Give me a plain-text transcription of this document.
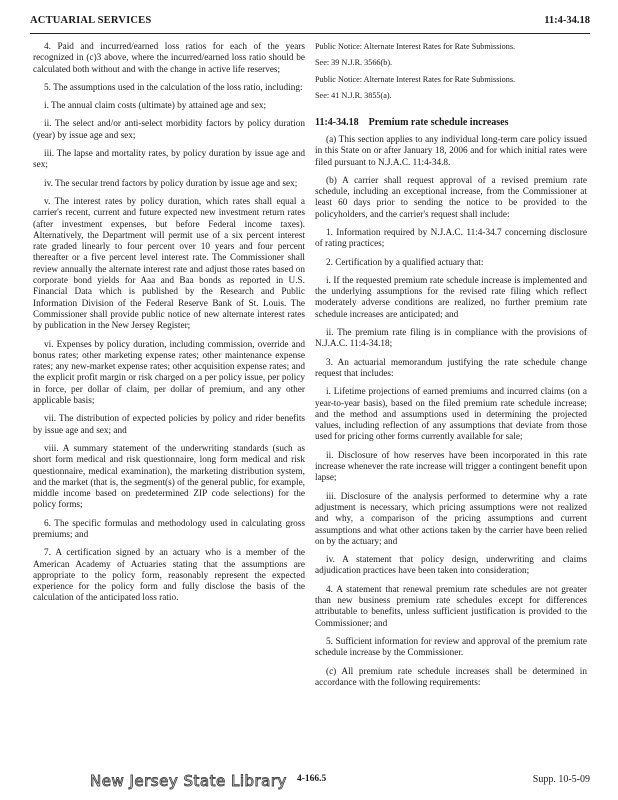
ACTUARIAL SERVICES	11:4-34.18

4. Paid and incurred/earned loss ratios for each of the years recognized in (c)3 above, where the incurred/earned loss ratio should be calculated both without and with the change in active life reserves;

5. The assumptions used in the calculation of the loss ratio, including:

i. The annual claim costs (ultimate) by attained age and sex;

ii. The select and/or anti-select morbidity factors by policy duration (year) by issue age and sex;

iii. The lapse and mortality rates, by policy duration by issue age and sex;

iv. The secular trend factors by policy duration by issue age and sex;

v. The interest rates by policy duration, which rates shall equal a carrier's recent, current and future expected new investment return rates (after investment expenses, but before Federal income taxes). Alternatively, the Department will permit use of a six percent interest rate graded linearly to four percent over 10 years and four percent thereafter or a five percent level interest rate. The Commissioner shall review annually the alternate interest rate and adjust those rates based on corporate bond yields for Aaa and Baa bonds as reported in U.S. Financial Data which is published by the Research and Public Information Division of the Federal Reserve Bank of St. Louis. The Commissioner shall provide public notice of new alternate interest rates by publication in the New Jersey Register;

vi. Expenses by policy duration, including commission, override and bonus rates; other marketing expense rates; other maintenance expense rates; any new-market expense rates; other acquisition expense rates; and the explicit profit margin or risk charged on a per policy issue, per policy in force, per dollar of claim, per dollar of premium, and any other applicable basis;

vii. The distribution of expected policies by policy and rider benefits by issue age and sex; and

viii. A summary statement of the underwriting standards (such as short form medical and risk questionnaire, long form medical and risk questionnaire, medical examination), the marketing distribution system, and the market (that is, the segment(s) of the general public, for example, middle income based on predetermined ZIP code selections) for the policy forms;

6. The specific formulas and methodology used in calculating gross premiums; and

7. A certification signed by an actuary who is a member of the American Academy of Actuaries stating that the assumptions are appropriate to the policy form, reasonably represent the expected experience for the policy form and fully disclose the basis of the calculation of the anticipated loss ratio.

Public Notice: Alternate Interest Rates for Rate Submissions.

See: 39 N.J.R. 3566(b).

Public Notice: Alternate Interest Rates for Rate Submissions.

See: 41 N.J.R. 3855(a).

11:4-34.18 Premium rate schedule increases

(a) This section applies to any individual long-term care policy issued in this State on or after January 18, 2006 and for which initial rates were filed pursuant to N.J.A.C. 11:4-34.8.

(b) A carrier shall request approval of a revised premium rate schedule, including an exceptional increase, from the Commissioner at least 60 days prior to sending the notice to be provided to the policyholders, and the carrier's request shall include:

1. Information required by N.J.A.C. 11:4-34.7 concerning disclosure of rating practices;

2. Certification by a qualified actuary that:

i. If the requested premium rate schedule increase is implemented and the underlying assumptions for the revised rate filing which reflect moderately adverse conditions are realized, no further premium rate schedule increases are anticipated; and

ii. The premium rate filing is in compliance with the provisions of N.J.A.C. 11:4-34.18;

3. An actuarial memorandum justifying the rate schedule change request that includes:

i. Lifetime projections of earned premiums and incurred claims (on a year-to-year basis), based on the filed premium rate schedule increase; and the method and assumptions used in determining the projected values, including reflection of any assumptions that deviate from those used for pricing other forms currently available for sale;

ii. Disclosure of how reserves have been incorporated in this rate increase whenever the rate increase will trigger a contingent benefit upon lapse;

iii. Disclosure of the analysis performed to determine why a rate adjustment is necessary, which pricing assumptions were not realized and why, a comparison of the pricing assumptions and current assumptions and what other actions taken by the carrier have been relied on by the actuary; and

iv. A statement that policy design, underwriting and claims adjudication practices have been taken into consideration;

4. A statement that renewal premium rate schedules are not greater than new business premium rate schedules except for differences attributable to benefits, unless sufficient justification is provided to the Commissioner; and

5. Sufficient information for review and approval of the premium rate schedule increase by the Commissioner.

(c) All premium rate schedule increases shall be determined in accordance with the following requirements:

New Jersey State Library 4-166.5	Supp. 10-5-09
